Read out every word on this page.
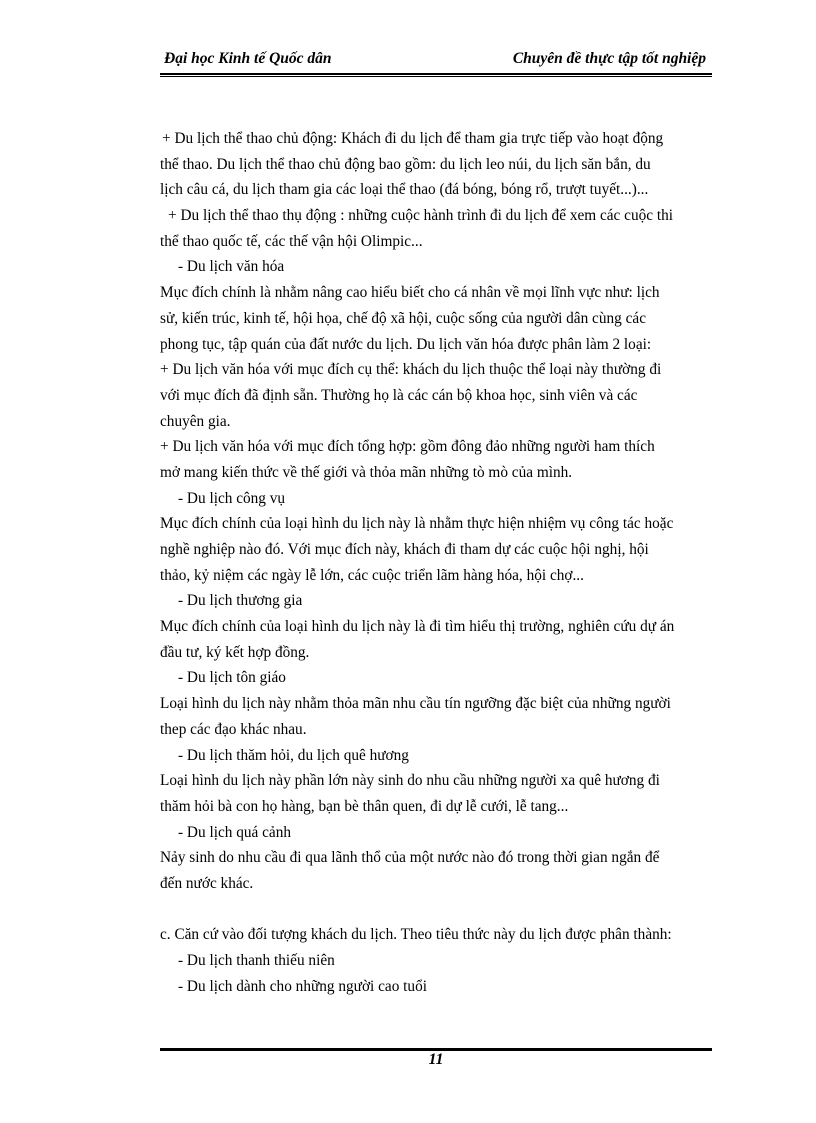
Đại học Kinh tế Quốc dân	Chuyên đề thực tập tốt nghiệp
+ Du lịch thể thao chủ động: Khách đi du lịch để tham gia trực tiếp vào hoạt động
thể thao. Du lịch thể thao chủ động bao gồm: du lịch leo núi, du lịch săn bắn, du
lịch câu cá, du lịch tham gia các loại thể thao (đá bóng, bóng rổ, trượt tuyết...)...
+ Du lịch thể thao thụ động : những cuộc hành trình đi du lịch để xem các cuộc thi
thể thao quốc tế, các thế vận hội Olimpic...
- Du lịch văn hóa
Mục đích chính là nhằm nâng cao hiểu biết cho cá nhân về mọi lĩnh vực như: lịch
sử, kiến trúc, kinh tế, hội họa, chế độ xã hội, cuộc sống của người dân cùng các
phong tục, tập quán của đất nước du lịch. Du lịch văn hóa được phân làm 2 loại:
+ Du lịch văn hóa với mục đích cụ thể: khách du lịch thuộc thể loại này thường đi
với mục đích đã định sẵn. Thường họ là các cán bộ khoa học, sinh viên và các
chuyên gia.
+ Du lịch văn hóa với mục đích tổng hợp: gồm đông đảo những người ham thích
mở mang kiến thức về thế giới và thỏa mãn những tò mò của mình.
- Du lịch công vụ
Mục đích chính của loại hình du lịch này là nhằm thực hiện nhiệm vụ công tác hoặc
nghề nghiệp nào đó. Với mục đích này, khách đi tham dự các cuộc hội nghị, hội
thảo, kỷ niệm các ngày lễ lớn, các cuộc triển lãm hàng hóa, hội chợ...
- Du lịch thương gia
Mục đích chính của loại hình du lịch này là đi tìm hiểu thị trường, nghiên cứu dự án
đầu tư, ký kết hợp đồng.
- Du lịch tôn giáo
Loại hình du lịch này nhằm thỏa mãn nhu cầu tín ngưỡng đặc biệt của những người
thep các đạo khác nhau.
- Du lịch thăm hỏi, du lịch quê hương
Loại hình du lịch này phần lớn này sinh do nhu cầu những người xa quê hương đi
thăm hỏi bà con họ hàng, bạn bè thân quen, đi dự lễ cưới, lễ tang...
- Du lịch quá cảnh
Nảy sinh do nhu cầu đi qua lãnh thổ của một nước nào đó trong thời gian ngắn để
đến nước khác.
c. Căn cứ vào đối tượng khách du lịch. Theo tiêu thức này du lịch được phân thành:
- Du lịch thanh thiếu niên
- Du lịch dành cho những người cao tuổi
11
